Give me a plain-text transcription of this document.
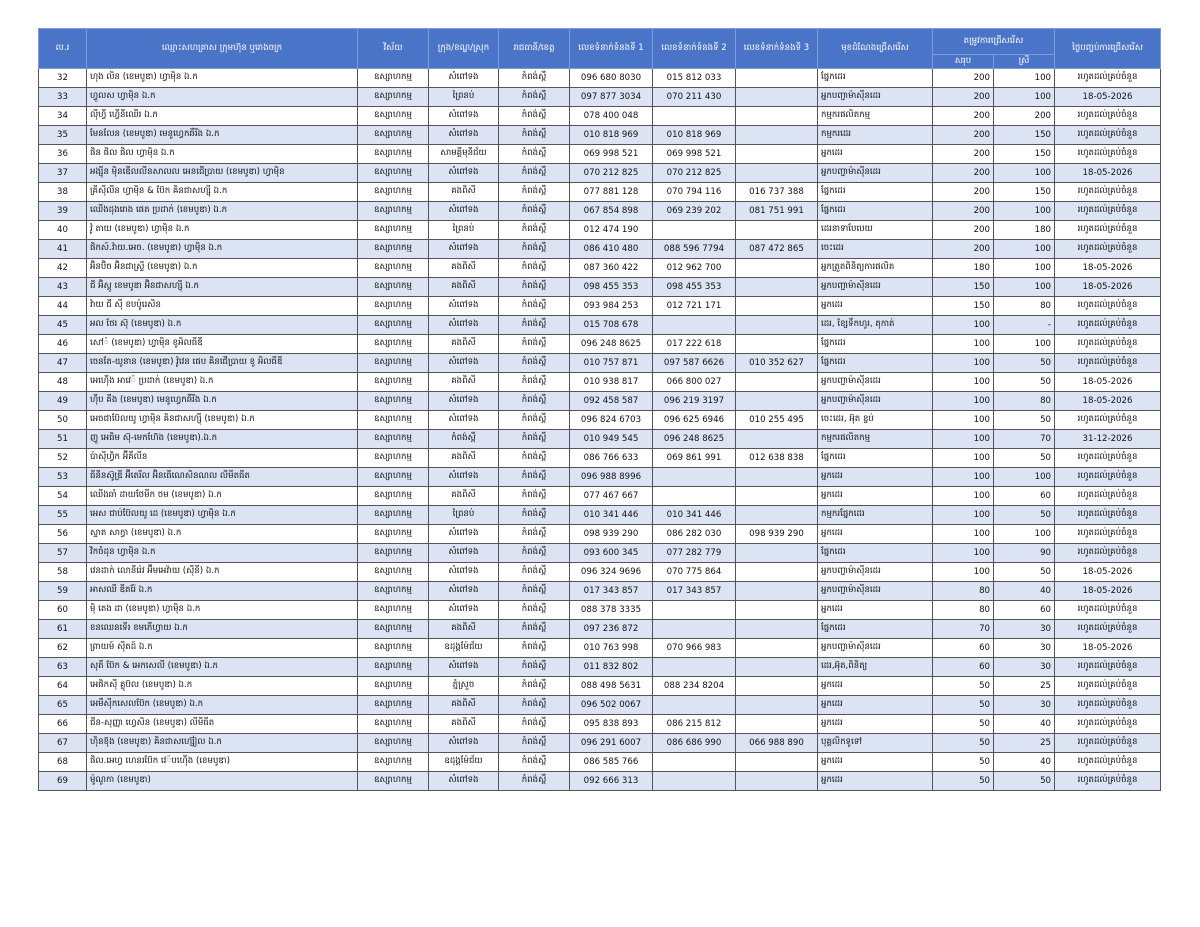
ល.រ	ឈ្មោះសហគ្រាស ក្រុមហ៊ុន ឬរោងចក្រ	វិស័យ	ក្រុង/ខណ្ឌ/ស្រុក	រាជធានី/ខេត្ត	លេខទំនាក់ទំនងទី 1	លេខទំនាក់ទំនងទី 2	លេខទំនាក់ទំនងទី 3	មុខដំណែងជ្រើសរើស	តម្រូវការជ្រើសរើស		ថ្ងៃបញ្ចប់ការជ្រើសរើស
									សរុប	ស្រី	
32	ហុង លិន (ខេមបូឌា) ហ្វាម៉ិន ឯ.ក	ឧស្សាហកម្ម	សំពៅទង	កំពង់ស្ពឺ	096 680 8030	015 812 033		ផ្នែកដេរ	200	100	រហូតដល់គ្រប់ចំនួន
33	ហ្វូលស ហ្វាម៉ិន ឯ.ក	ឧស្សាហកម្ម	ព្រៃនប់	កំពង់ស្ពឺ	097 877 3034	070 211 430		អ្នកបញ្ជាម៉ាស៊ីនដេរ	200	100	18-05-2026
34	ល៉ីហ្វី ហ្វើនីឈើរ ឯ.ក	ឧស្សាហកម្ម	សំពៅទង	កំពង់ស្ពឺ	078 400 048			កម្មករផលិតកម្ម	200	200	រហូតដល់គ្រប់ចំនួន
35	មែនលែន (ខេមបូឌា) មេនូហ្វេកឆឺរីង ឯ.ក	ឧស្សាហកម្ម	សំពៅទង	កំពង់ស្ពឺ	010 818 969	010 818 969		កម្មករដេរ	200	150	រហូតដល់គ្រប់ចំនួន
36	ផិន ផិល ផិល ហ្វាម៉ិន ឯ.ក	ឧស្សាហកម្ម	សាមគ្គីមុនីជ័យ	កំពង់ស្ពឺ	069 998 521	069 998 521		អ្នកដេរ	200	150	រហូតដល់គ្រប់ចំនួន
37	អង្ស៊ីន ម៉ិនឌើលលីនសាលល អេនជើប្រាយ (ខេមបូឌា) ហ្វាម៉ិន	ឧស្សាហកម្ម	សំពៅទង	កំពង់ស្ពឺ	070 212 825	070 212 825		អ្នកបញ្ជាម៉ាស៊ីនដេរ	200	100	18-05-2026
38	គ្រីស៊ីលីន ហ្វាម៉ិន & ប៊ែក ឝិនជាសហ្ស៊ី ឯ.ក	ឧស្សាហកម្ម	គងពិសី	កំពង់ស្ពឺ	077 881 128	070 794 116	016 737 388	ផ្នែកដេរ	200	150	រហូតដល់គ្រប់ចំនួន
39	ឈើងដុងរោង ផេត ប្រដាក់ (ខេមបូឌា) ឯ.ក	ឧស្សាហកម្ម	សំពៅទង	កំពង់ស្ពឺ	067 854 898	069 239 202	081 751 991	ផ្នែកដេរ	200	100	រហូតដល់គ្រប់ចំនួន
40	វ៉ូ តាយ (ខេមបូឌា) ហ្វាម៉ិន ឯ.ក	ឧស្សាហកម្ម	ព្រៃនប់	កំពង់ស្ពឺ	012 474 190			ដេរនាទាបែបេយ	200	180	រហូតដល់គ្រប់ចំនួន
41	ផិកស៍.វ៉ាយ.អេច. (ខេមបូឌា) ហ្វាម៉ិន ឯ.ក	ឧស្សាហកម្ម	សំពៅទង	កំពង់ស្ពឺ	086 410 480	088 596 7794	087 472 865	ចេះដេរ	200	100	រហូតដល់គ្រប់ចំនួន
42	អ៊ិនប៊ិច អ៊ិនជាស្ទ្រី (ខេមបូឌា) ឯ.ក	ឧស្សាហកម្ម	គងពិសី	កំពង់ស្ពឺ	087 360 422	012 962 700		អ្នកត្រួតពិនិត្យការផលិត	180	100	18-05-2026
43	ជី អ៊ិស្តូ ខេមបូឌា អ៊ិនជាសហ្ស៊ី ឯ.ក	ឧស្សាហកម្ម	គងពិសី	កំពង់ស្ពឺ	098 455 353	098 455 353		អ្នកបញ្ជាម៉ាស៊ីនដេរ	150	100	18-05-2026
44	វ៉ាយ ជី ស៊ី ខបប៉ូរេសិន	ឧស្សាហកម្ម	សំពៅទង	កំពង់ស្ពឺ	093 984 253	012 721 171		អ្នកដេរ	150	80	រហូតដល់គ្រប់ចំនួន
45	អល ថែរ ស៊ុ (ខេមបូឌា) ឯ.ក	ឧស្សាហកម្ម	សំពៅទង	កំពង់ស្ពឺ	015 708 678			ដេរ, ខ្សែទឹកហូរ, តុកាត់	100	-	រហូតដល់គ្រប់ចំនួន
46	សៅ៉ (ខេមបូឌា) ហ្វាម៉ិន ខូអិលធីឌី	ឧស្សាហកម្ម	គងពិសី	កំពង់ស្ពឺ	096 248 8625	017 222 618		ផ្នែកដេរ	100	100	រហូតដល់គ្រប់ចំនួន
47	ចេនតែ-យូនាន (ខេមបូឌា) វ៉ូវេន ផេប ឝិនជើប្រាយ ខូ អិលធីឌី	ឧស្សាហកម្ម	សំពៅទង	កំពង់ស្ពឺ	010 757 871	097 587 6626	010 352 627	ផ្នែកដេរ	100	50	រហូតដល់គ្រប់ចំនួន
48	អេហ៊ើង អាវេ៉ ប្រដាក់ (ខេមបូឌា) ឯ.ក	ឧស្សាហកម្ម	គងពិសី	កំពង់ស្ពឺ	010 938 817	066 800 027		អ្នកបញ្ជាម៉ាស៊ីនដេរ	100	50	18-05-2026
49	ហ៊ីប គីង (ខេមបូឌា) មេនូហ្វេកឆឺរីង ឯ.ក	ឧស្សាហកម្ម	សំពៅទង	កំពង់ស្ពឺ	092 458 587	096 219 3197		អ្នកបញ្ជាម៉ាស៊ីនដេរ	100	80	18-05-2026
50	អេចជាប៊ែលយូ ហ្វាម៉ិន ឝិនជាសហ្ស៊ី (ខេមបូឌា) ឯ.ក	ឧស្សាហកម្ម	សំពៅទង	កំពង់ស្ពឺ	096 824 6703	096 625 6946	010 255 495	ចេះដេរ, អ៊ុត ខ្ចប់	100	50	រហូតដល់គ្រប់ចំនួន
51	ញូ អេធិម ស៊ុ-មេកហ៊ែង (ខេមបូឌា).ឯ.ក	ឧស្សាហកម្ម	កំពង់ស្ពឺ	កំពង់ស្ពឺ	010 949 545	096 248 8625		កម្មករផលិតកម្ម	100	70	31-12-2026
52	ប៉ាស៊ីហ្វិក អ៊ីគឺលីន	ឧស្សាហកម្ម	គងពិសី	កំពង់ស្ពឺ	086 766 633	069 861 991	012 638 838	ផ្នែកដេរ	100	50	រហូតដល់គ្រប់ចំនួន
53	ធីនីនស៊ូឌ្រី អ៊ីតេរីល អ៊ិនធើណេសិនណល លីមីតធីត	ឧស្សាហកម្ម	សំពៅទង	កំពង់ស្ពឺ	096 988 8996			អ្នកដេរ	100	100	រហូតដល់គ្រប់ចំនួន
54	ឈើងឆាំ ដាយថែមីក ថម (ខេមបូឌា) ឯ.ក	ឧស្សាហកម្ម	គងពិសី	កំពង់ស្ពឺ	077 467 667			អ្នកដេរ	100	60	រហូតដល់គ្រប់ចំនួន
55	អេស ជាប់ប៊ែលយូ ដេ (ខេមបូឌា) ហ្វាម៉ិន ឯ.ក	ឧស្សាហកម្ម	ព្រៃនប់	កំពង់ស្ពឺ	010 341 446	010 341 446		កម្មករផ្នែកដេរ	100	50	រហូតដល់គ្រប់ចំនួន
56	ស្ទាត សាក្វា (ខេមបូឌា) ឯ.ក	ឧស្សាហកម្ម	សំពៅទង	កំពង់ស្ពឺ	098 939 290	086 282 030	098 939 290	អ្នកដេរ	100	100	រហូតដល់គ្រប់ចំនួន
57	វិកចំដុន ហ្វាម៉ិន ឯ.ក	ឧស្សាហកម្ម	សំពៅទង	កំពង់ស្ពឺ	093 600 345	077 282 779		ផ្នែកដេរ	100	90	រហូតដល់គ្រប់ចំនួន
58	វេនដាក់ លោនីរ៉េវ អ៊ីមអេវ៉ាយ (ស៊ីនី) ឯ.ក	ឧស្សាហកម្ម	សំពៅទង	កំពង់ស្ពឺ	096 324 9696	070 775 864		អ្នកបញ្ជាម៉ាស៊ីនដេរ	100	50	18-05-2026
59	អាសឈី ឌីតរ៉ែ ឯ.ក	ឧស្សាហកម្ម	សំពៅទង	កំពង់ស្ពឺ	017 343 857	017 343 857		អ្នកបញ្ជាម៉ាស៊ីនដេរ	80	40	18-05-2026
60	ម៉ិ តេង ដា (ខេមបូឌា) ហ្វាម៉ិន ឯ.ក	ឧស្សាហកម្ម	សំពៅទង	កំពង់ស្ពឺ	088 378 3335			អ្នកដេរ	80	60	រហូតដល់គ្រប់ចំនួន
61	ខនឈេនទើរ ខមភើហ្វាយ ឯ.ក	ឧស្សាហកម្ម	គងពិសី	កំពង់ស្ពឺ	097 236 872			ផ្នែកដេរ	70	30	រហូតដល់គ្រប់ចំនួន
62	ព្រាយម៍ ស៊ីតដ៍ ឯ.ក	ឧស្សាហកម្ម	ឧដុង្គម៉ែជ័យ	កំពង់ស្ពឺ	010 763 998	070 966 983		អ្នកបញ្ជាម៉ាស៊ីនដេរ	60	30	18-05-2026
63	សុតី ប៊ែក & អេកសេលី (ខេមបូឌា) ឯ.ក	ឧស្សាហកម្ម	សំពៅទង	កំពង់ស្ពឺ	011 832 802			ដេរ,អ៊ុត,ពិនិត្យ	60	30	រហូតដល់គ្រប់ចំនួន
64	អេផិកស៊ី គ្លូប៊ល (ខេមបូឌា) ឯ.ក	ឧស្សាហកម្ម	ភ្នំស្រួច	កំពង់ស្ពឺ	088 498 5631	088 234 8204		អ្នកដេរ	50	25	រហូតដល់គ្រប់ចំនួន
65	អេមឺស៊ីកសេលប៊ែក (ខេមបូឌា) ឯ.ក	ឧស្សាហកម្ម	គងពិសី	កំពង់ស្ពឺ	096 502 0067			អ្នកដេរ	50	30	រហូតដល់គ្រប់ចំនួន
66	ជីន-សុញ្ញា ហ្វេសិន (ខេមបូឌា) លីមីធីត	ឧស្សាហកម្ម	គងពិសី	កំពង់ស្ពឺ	095 838 893	086 215 812		អ្នកដេរ	50	40	រហូតដល់គ្រប់ចំនួន
67	ហ៊ិនខ៊ុង (ខេមបូឌា) ឝិនជាសហ្ស៊ៀល ឯ.ក	ឧស្សាហកម្ម	សំពៅទង	កំពង់ស្ពឺ	096 291 6007	086 686 990	066 988 890	បុគ្គលិកទូទៅ	50	25	រហូតដល់គ្រប់ចំនួន
68	ផិល.អេហ្វ ហេនរប៊ែក វេ៉បហ៊ើង (ខេមបូឌា)	ឧស្សាហកម្ម	ឧដុង្គម៉ែជ័យ	កំពង់ស្ពឺ	086 585 766			អ្នកដេរ	50	40	រហូតដល់គ្រប់ចំនួន
69	ម៉ូណូកា (ខេមបូឌា)	ឧស្សាហកម្ម	សំពៅទង	កំពង់ស្ពឺ	092 666 313			អ្នកដេរ	50	50	រហូតដល់គ្រប់ចំនួន
